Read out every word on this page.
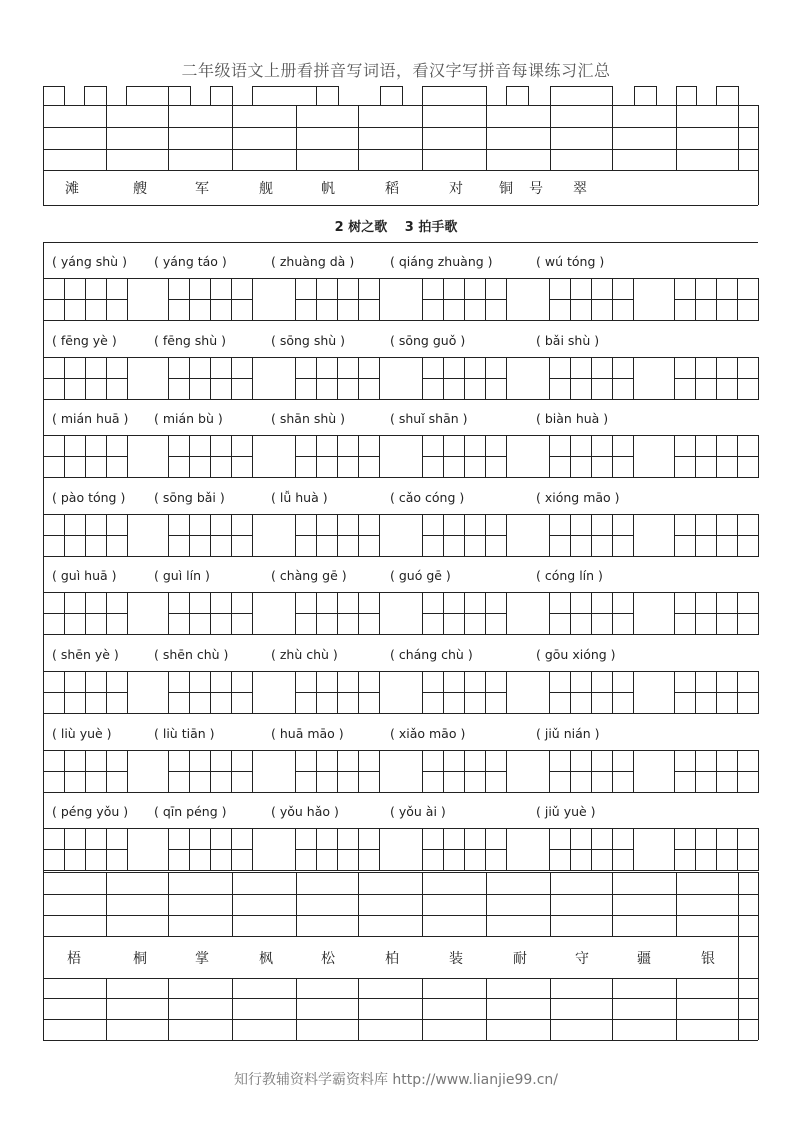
二年级语文上册看拼音写词语，看汉字写拼音每课练习汇总
2 树之歌　 3 拍手歌
知行教辅资料学霸资料库 http://www.lianjie99.cn/
滩	艘	军	舰	帆	稻	对	铜	号	翠
( yáng shù ) ( yáng táo )	( zhuàng dà )	( qiáng zhuàng )	( wú tóng )
( fēng yè )	( fēng shù )	( sōng shù )	( sōng guǒ )	( bǎi shù )
( mián huā ) ( mián bù )	( shān shù )	( shuǐ shān )	( biàn huà )
( pào tóng ) ( sōng bǎi )	( lǚ huà )	( cǎo cóng )	( xióng māo )
( guì huā )	( guì lín )	( chàng gē )	( guó gē )	( cóng lín )
( shēn yè )	( shēn chù )	( zhù chù )	( cháng chù )	( gōu xióng )
( liù yuè )	( liù tiān )	( huā māo )	( xiǎo māo )	( jiǔ nián )
( péng yǒu ) ( qīn péng )	( yǒu hǎo )	( yǒu ài )	( jiǔ yuè )
梧	桐	掌	枫	松	柏	装	耐	守	疆	银
